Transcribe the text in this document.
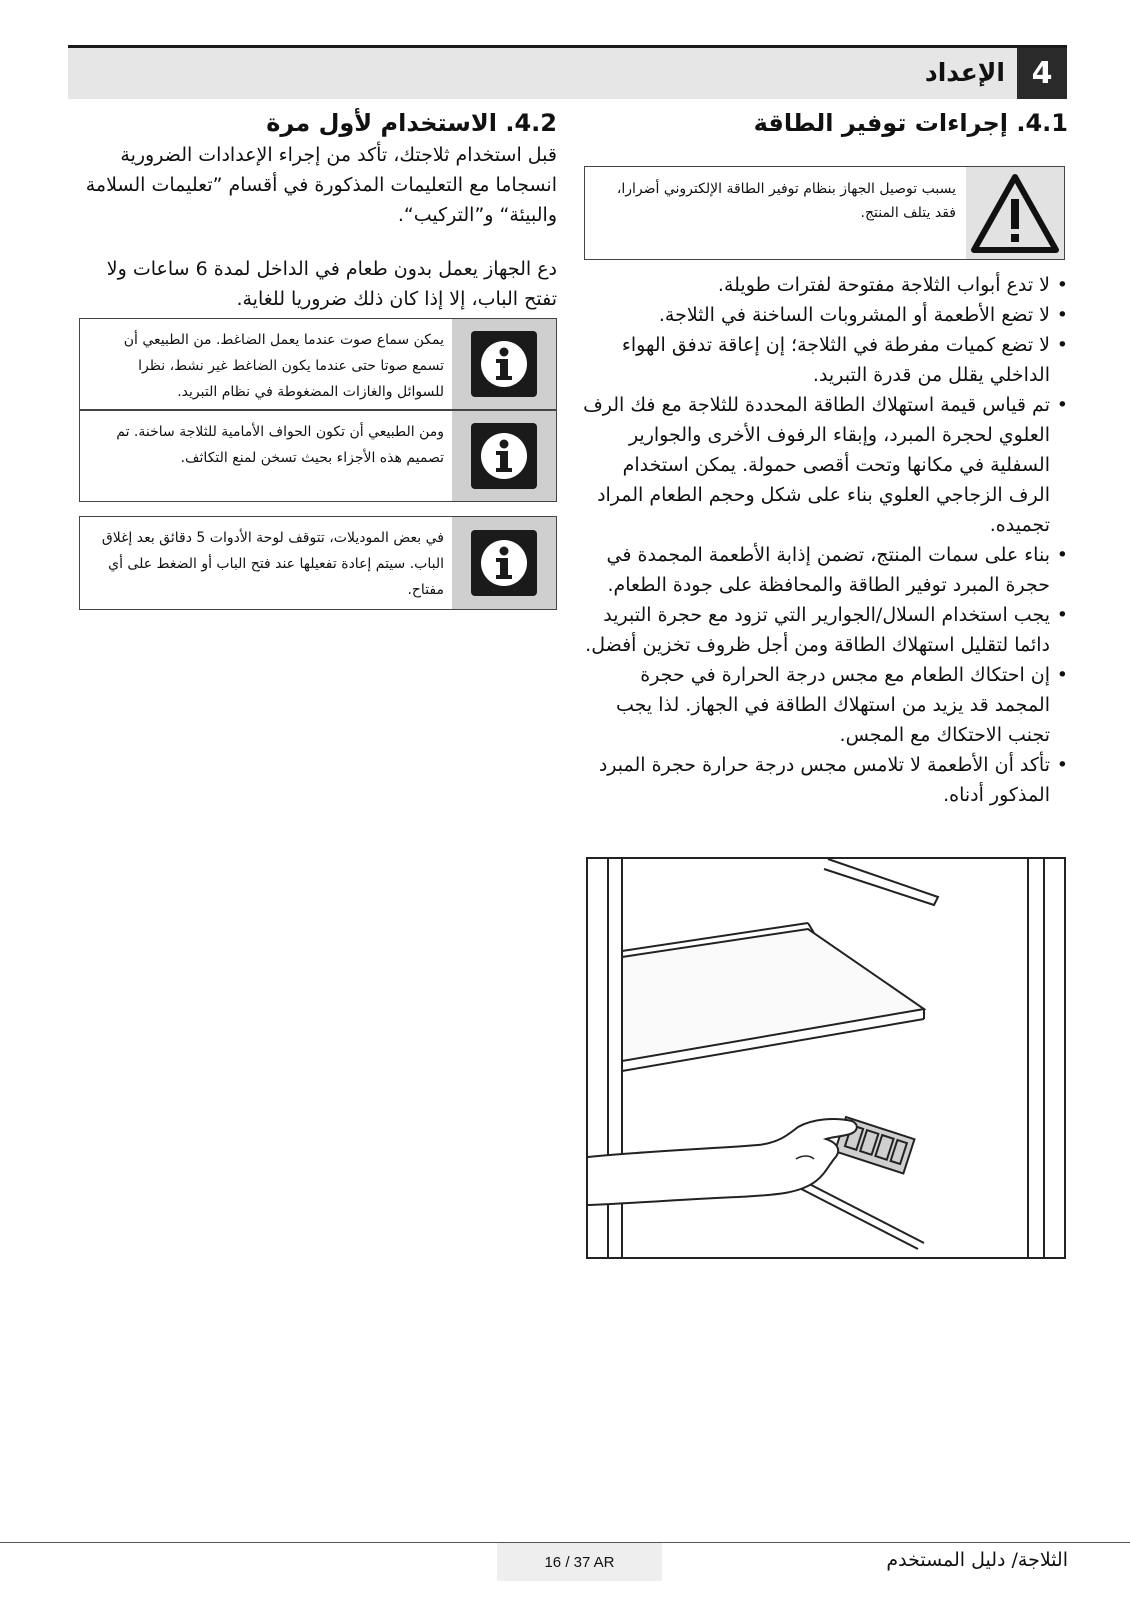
4
الإعداد
4.1. إجراءات توفير الطاقة

يسبب توصيل الجهاز بنظام توفير الطاقة الإلكتروني أضرارا، فقد يتلف المنتج.

• لا تدع أبواب الثلاجة مفتوحة لفترات طويلة.
• لا تضع الأطعمة أو المشروبات الساخنة في الثلاجة.
• لا تضع كميات مفرطة في الثلاجة؛ إن إعاقة تدفق الهواء الداخلي يقلل من قدرة التبريد.
• تم قياس قيمة استهلاك الطاقة المحددة للثلاجة مع فك الرف العلوي لحجرة المبرد، وإبقاء الرفوف الأخرى والجوارير السفلية في مكانها وتحت أقصى حمولة. يمكن استخدام الرف الزجاجي العلوي بناء على شكل وحجم الطعام المراد تجميده.
• بناء على سمات المنتج، تضمن إذابة الأطعمة المجمدة في حجرة المبرد توفير الطاقة والمحافظة على جودة الطعام.
• يجب استخدام السلال/الجوارير التي تزود مع حجرة التبريد دائما لتقليل استهلاك الطاقة ومن أجل ظروف تخزين أفضل.
• إن احتكاك الطعام مع مجس درجة الحرارة في حجرة المجمد قد يزيد من استهلاك الطاقة في الجهاز. لذا يجب تجنب الاحتكاك مع المجس.
• تأكد أن الأطعمة لا تلامس مجس درجة حرارة حجرة المبرد المذكور أدناه.
4.2. الاستخدام لأول مرة

قبل استخدام ثلاجتك، تأكد من إجراء الإعدادات الضرورية انسجاما مع التعليمات المذكورة في أقسام ”تعليمات السلامة والبيئة“ و”التركيب“.

دع الجهاز يعمل بدون طعام في الداخل لمدة 6 ساعات ولا تفتح الباب، إلا إذا كان ذلك ضروريا للغاية.

يمكن سماع صوت عندما يعمل الضاغط. من الطبيعي أن تسمع صوتا حتى عندما يكون الضاغط غير نشط، نظرا للسوائل والغازات المضغوطة في نظام التبريد.

ومن الطبيعي أن تكون الحواف الأمامية للثلاجة ساخنة. تم تصميم هذه الأجزاء بحيث تسخن لمنع التكاثف.

في بعض الموديلات، تتوقف لوحة الأدوات 5 دقائق بعد إغلاق الباب. سيتم إعادة تفعيلها عند فتح الباب أو الضغط على أي مفتاح.

16 / 37 AR	الثلاجة/ دليل المستخدم
